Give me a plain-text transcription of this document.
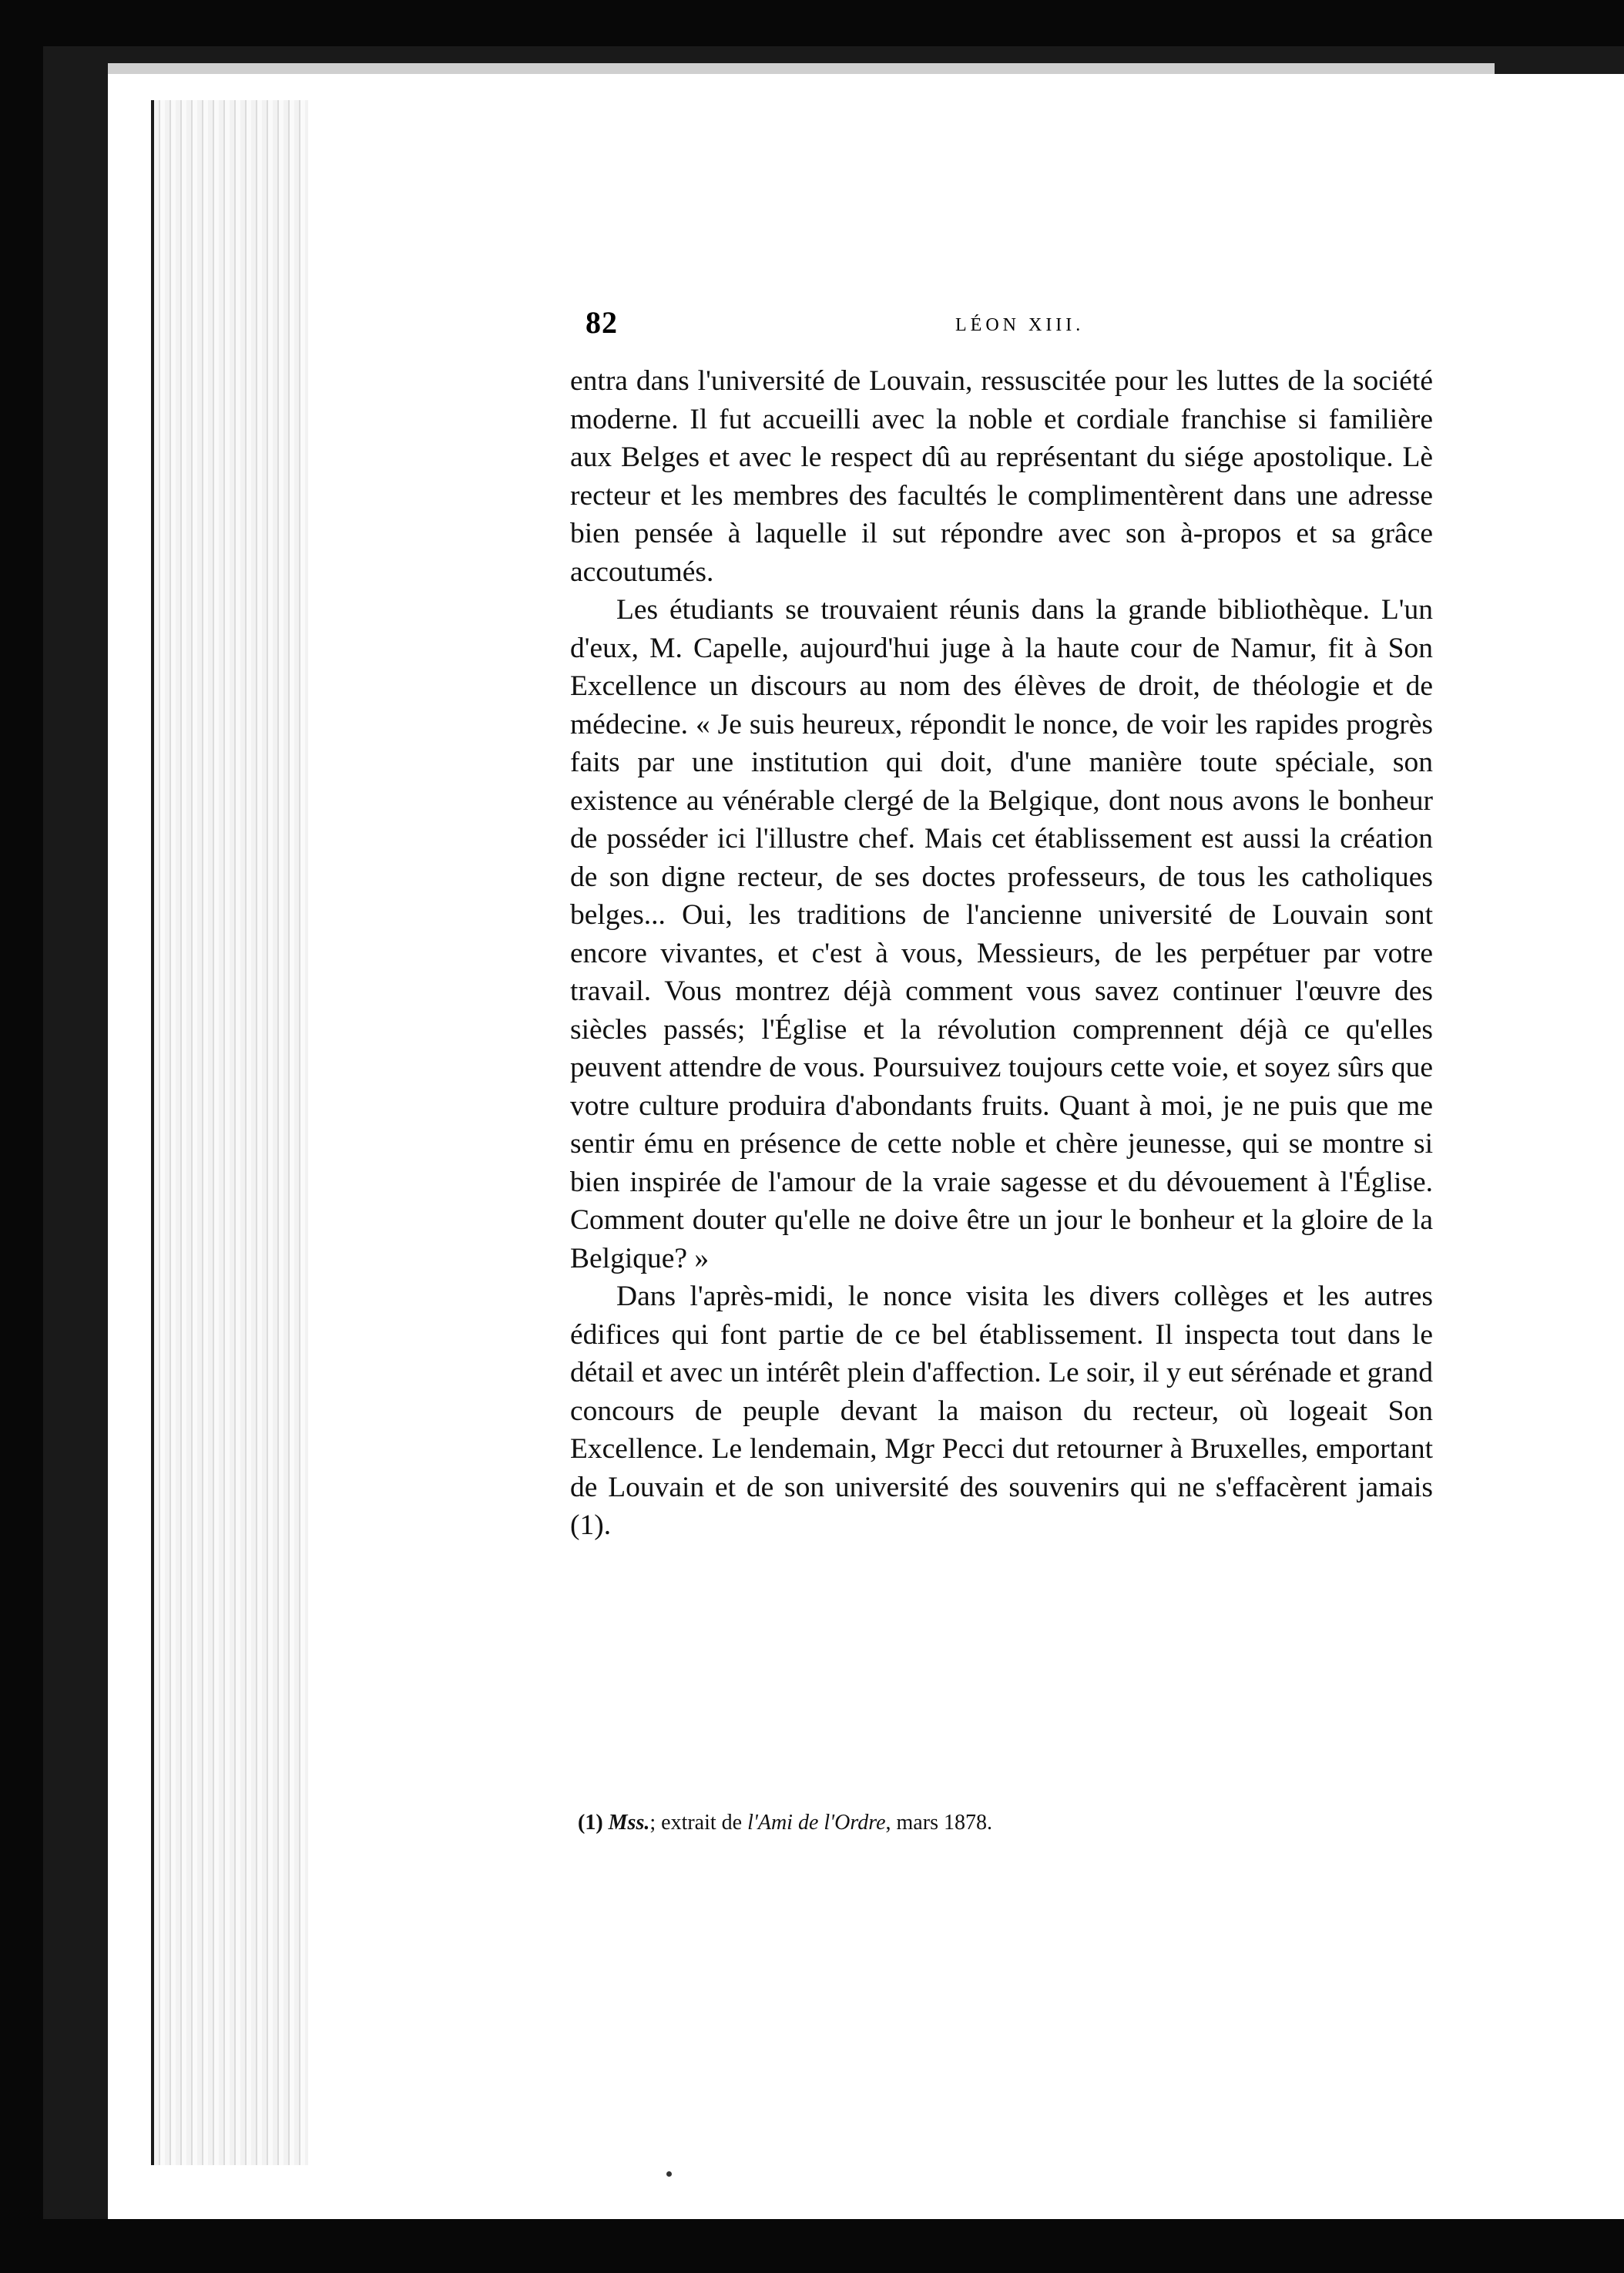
82	LÉON XIII.

entra dans l'université de Louvain, ressuscitée pour les luttes de la société moderne. Il fut accueilli avec la noble et cordiale franchise si familière aux Belges et avec le respect dû au représentant du siége apostolique. Lè recteur et les membres des facultés le complimentèrent dans une adresse bien pensée à laquelle il sut répondre avec son à-propos et sa grâce accoutumés.

Les étudiants se trouvaient réunis dans la grande bibliothèque. L'un d'eux, M. Capelle, aujourd'hui juge à la haute cour de Namur, fit à Son Excellence un discours au nom des élèves de droit, de théologie et de médecine. « Je suis heureux, répondit le nonce, de voir les rapides progrès faits par une institution qui doit, d'une manière toute spéciale, son existence au vénérable clergé de la Belgique, dont nous avons le bonheur de posséder ici l'illustre chef. Mais cet établissement est aussi la création de son digne recteur, de ses doctes professeurs, de tous les catholiques belges... Oui, les traditions de l'ancienne université de Louvain sont encore vivantes, et c'est à vous, Messieurs, de les perpétuer par votre travail. Vous montrez déjà comment vous savez continuer l'œuvre des siècles passés; l'Église et la révolution comprennent déjà ce qu'elles peuvent attendre de vous. Poursuivez toujours cette voie, et soyez sûrs que votre culture produira d'abondants fruits. Quant à moi, je ne puis que me sentir ému en présence de cette noble et chère jeunesse, qui se montre si bien inspirée de l'amour de la vraie sagesse et du dévouement à l'Église. Comment douter qu'elle ne doive être un jour le bonheur et la gloire de la Belgique? »

Dans l'après-midi, le nonce visita les divers collèges et les autres édifices qui font partie de ce bel établissement. Il inspecta tout dans le détail et avec un intérêt plein d'affection. Le soir, il y eut sérénade et grand concours de peuple devant la maison du recteur, où logeait Son Excellence. Le lendemain, Mgr Pecci dut retourner à Bruxelles, emportant de Louvain et de son université des souvenirs qui ne s'effacèrent jamais (1).

(1) Mss.; extrait de l'Ami de l'Ordre, mars 1878.
